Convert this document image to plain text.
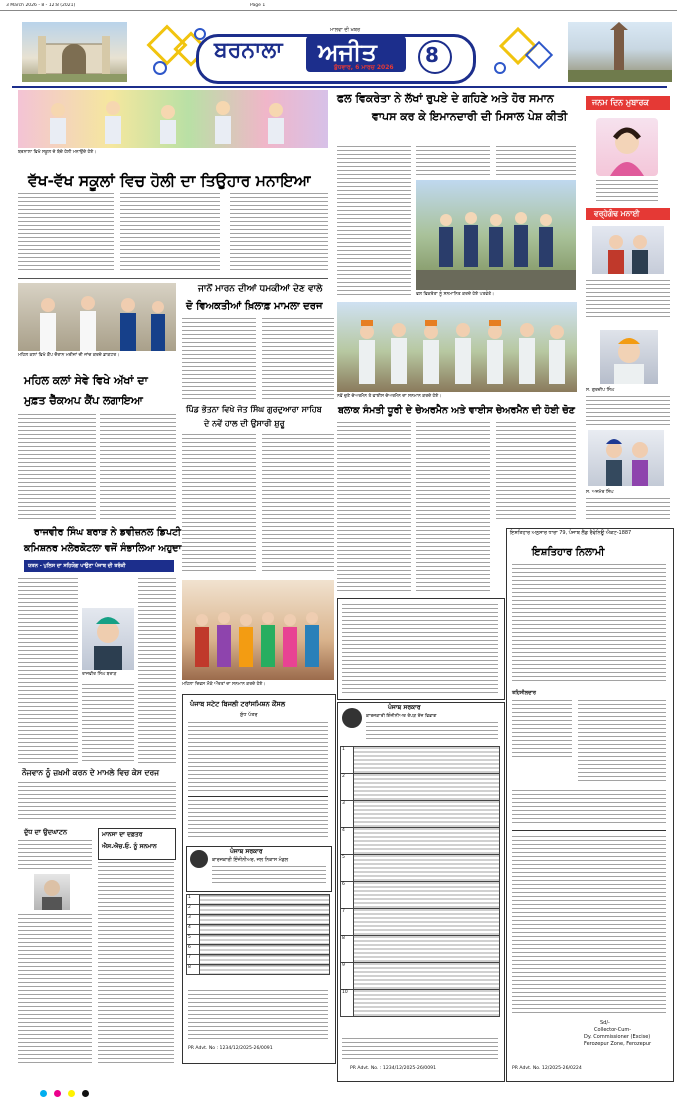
3 March 2026 - 8 - 12:8 (2021)	Page 1
ਬਰਨਾਲਾ ਅਜੀਤ
ਮਾਲਵਾ ਦੀ ਖ਼ਬਰ
ਬੁੱਧਵਾਰ, 6 ਮਾਰਚ 2026
8
ਬਰਨਾਲਾ ਵਿਖੇ ਸਕੂਲ ਦੇ ਬੱਚੇ ਹੋਲੀ ਮਨਾਉਂਦੇ ਹੋਏ।
ਵੱਖ-ਵੱਖ ਸਕੂਲਾਂ ਵਿਚ ਹੋਲੀ ਦਾ ਤਿਉਹਾਰ ਮਨਾਇਆ
ਫਲ ਵਿਕਰੇਤਾ ਨੇ ਲੱਖਾਂ ਰੁਪਏ ਦੇ ਗਹਿਣੇ ਅਤੇ ਹੋਰ ਸਮਾਨ
ਵਾਪਸ ਕਰ ਕੇ ਇਮਾਨਦਾਰੀ ਦੀ ਮਿਸਾਲ ਪੇਸ਼ ਕੀਤੀ
ਫਲ ਵਿਕਰੇਤਾ ਨੂੰ ਸਨਮਾਨਿਤ ਕਰਦੇ ਹੋਏ ਪਤਵੰਤੇ।
ਜਨਮ ਦਿਨ ਮੁਬਾਰਕ
ਵਰ੍ਹੇਗੰਢ ਮਨਾਈ
ਸ. ਗੁਰਦੀਪ ਸਿੰਘ
ਸ. ਅਜਮੇਰ ਸਿੰਘ
ਜਾਨੋਂ ਮਾਰਨ ਦੀਆਂ ਧਮਕੀਆਂ ਦੇਣ ਵਾਲੇ
ਦੋ ਵਿਅਕਤੀਆਂ ਖ਼ਿਲਾਫ਼ ਮਾਮਲਾ ਦਰਜ
ਮਹਿਲ ਕਲਾਂ ਵਿਖੇ ਕੈਂਪ ਦੌਰਾਨ ਮਰੀਜ਼ਾਂ ਦੀ ਜਾਂਚ ਕਰਦੇ ਡਾਕਟਰ।
ਮਹਿਲ ਕਲਾਂ ਸੇਵੇ ਵਿਖੇ ਅੱਖਾਂ ਦਾ
ਮੁਫ਼ਤ ਚੈੱਕਅਪ ਕੈਂਪ ਲਗਾਇਆ
ਪਿੰਡ ਭੋਤਨਾ ਵਿਖੇ ਜੋਤ ਸਿੰਘ ਗੁਰਦੁਆਰਾ ਸਾਹਿਬ
ਦੇ ਨਵੇਂ ਹਾਲ ਦੀ ਉਸਾਰੀ ਸ਼ੁਰੂ
ਨਵੇਂ ਚੁਣੇ ਚੇਅਰਮੈਨ ਤੇ ਵਾਈਸ ਚੇਅਰਮੈਨ ਦਾ ਸਨਮਾਨ ਕਰਦੇ ਹੋਏ।
ਬਲਾਕ ਸੰਮਤੀ ਧੂਰੀ ਦੇ ਚੇਅਰਮੈਨ ਅਤੇ ਵਾਈਸ ਚੇਅਰਮੈਨ ਦੀ ਹੋਈ ਚੋਣ
ਰਾਜਵੀਰ ਸਿੰਘ ਬਰਾੜ ਨੇ ਡਵੀਜ਼ਨਲ ਡਿਪਟੀ
ਕਮਿਸ਼ਨਰ ਮਲੇਰਕੋਟਲਾ ਵਜੋਂ ਸੰਭਾਲਿਆ ਅਹੁਦਾ
ਯਤਨ - ਪੁਲਿਸ ਦਾ ਸਹਿਯੋਗ ਪਾਉਣਾ ਪੰਜਾਬ ਦੀ ਤਰੱਕੀ
ਰਾਜਵੀਰ ਸਿੰਘ ਬਰਾੜ
ਨੌਜਵਾਨ ਨੂੰ ਜ਼ਖ਼ਮੀ ਕਰਨ ਦੇ ਮਾਮਲੇ ਵਿਚ ਕੇਸ ਦਰਜ
ਦੁੱਧ ਦਾ ਉਦਘਾਟਨ	ਮਾਨਸਾ ਦਾ ਦਫ਼ਤਰ
ਐਸ.ਐਚ.ਓ. ਨੂੰ ਸਨਮਾਨ
ਮਹਿਲਾ ਦਿਵਸ ਮੌਕੇ ਔਰਤਾਂ ਦਾ ਸਨਮਾਨ ਕਰਦੇ ਹੋਏ।
ਪੰਜਾਬ ਸਟੇਟ ਬਿਜਲੀ ਟਰਾਂਸਮਿਸ਼ਨ ਕੌਂਸਲ
ਸ਼ੁੱਧ ਪੱਤਰ
ਪੰਜਾਬ ਸਰਕਾਰ
ਕਾਰਜਕਾਰੀ ਇੰਜੀਨੀਅਰ, ਜਲ ਨਿਕਾਸ ਮੰਡਲ
1	
2	
3	
4	
5	
6	
7	
8	
PR Advt. No : 1234/12/2025-26/0091
ਪੰਜਾਬ ਸਰਕਾਰ
ਕਾਰਜਕਾਰੀ ਇੰਜੀਨੀਅਰ ਰੋਪੜ ਰੇਂਜ ਵਿਭਾਗ
1	
2	
3	
4	
5	
6	
7	
8	
9	
10	
PR Advt. No. : 1234/12/2025-26/0091
ਇਸ਼ਤਿਹਾਰ ਅਨੁਸਾਰ ਧਾਰਾ 79, ਪੰਜਾਬ ਲੈਂਡ ਰੈਵੇਨਿਊ ਐਕਟ-1887
ਇਸ਼ਤਿਹਾਰ ਨਿਲਾਮੀ
ਤਹਿਸੀਲਦਾਰ
Sd/-
Collector-Cum-
Dy. Commissioner (Excise)
Ferozepur Zone, Ferozepur
PR Advt. No. 12/2025-26/0224
